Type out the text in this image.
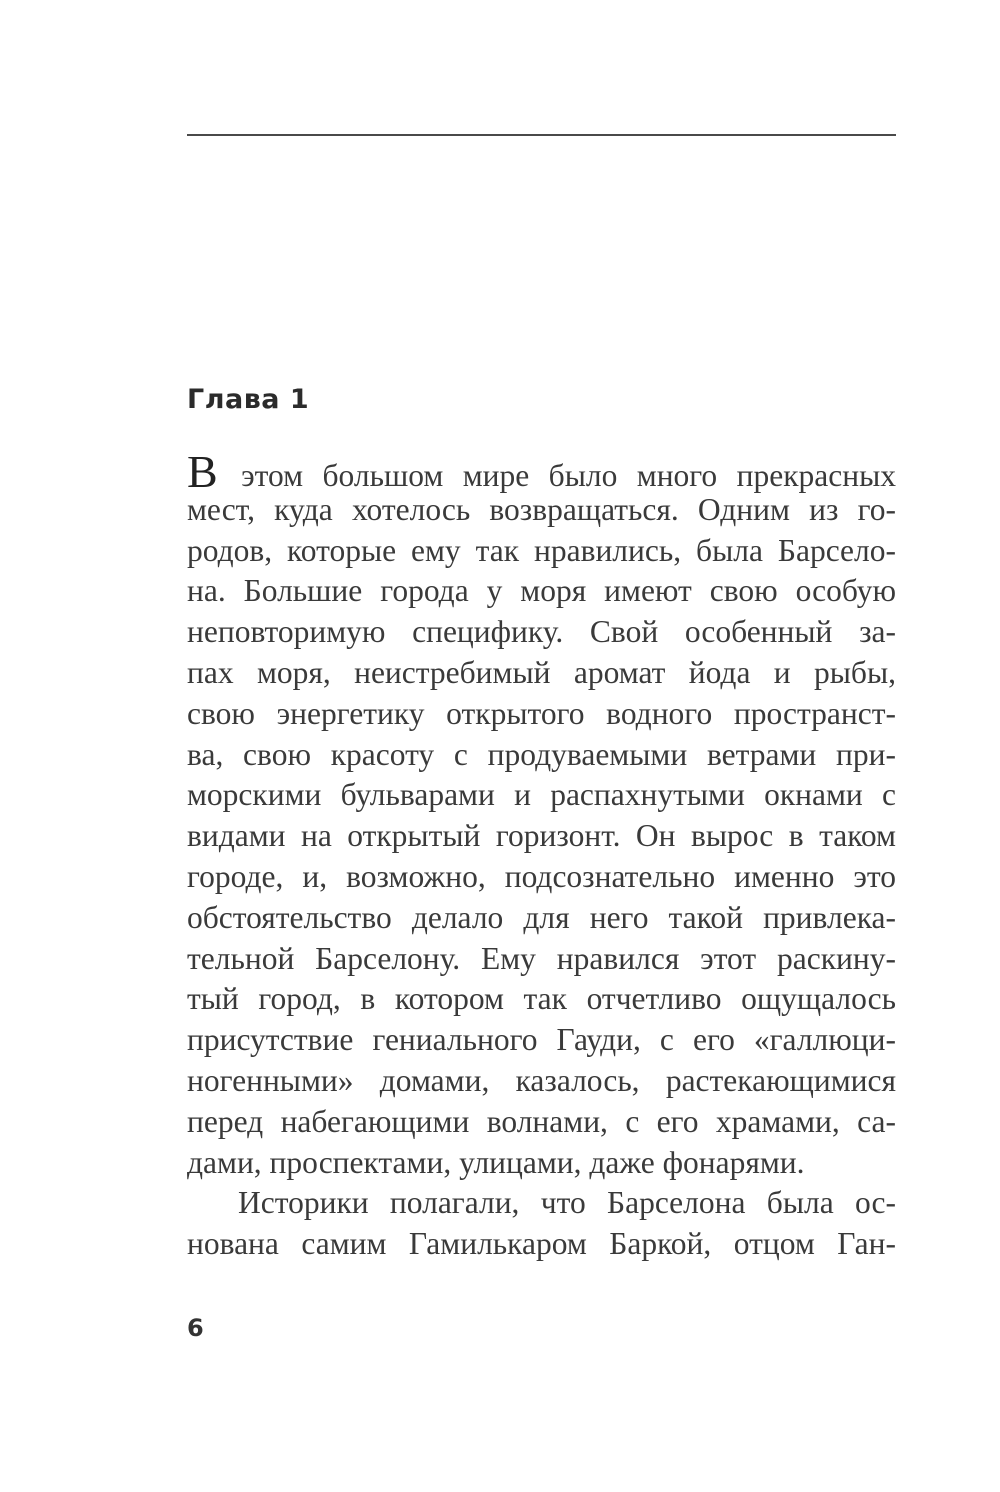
Глава 1
В этом большом мире было много прекрасных
мест, куда хотелось возвращаться. Одним из го-
родов, которые ему так нравились, была Барсело-
на. Большие города у моря имеют свою особую
неповторимую специфику. Свой особенный за-
пах моря, неистребимый аромат йода и рыбы,
свою энергетику открытого водного пространст-
ва, свою красоту с продуваемыми ветрами при-
морскими бульварами и распахнутыми окнами с
видами на открытый горизонт. Он вырос в таком
городе, и, возможно, подсознательно именно это
обстоятельство делало для него такой привлека-
тельной Барселону. Ему нравился этот раскину-
тый город, в котором так отчетливо ощущалось
присутствие гениального Гауди, с его «галлюци-
ногенными» домами, казалось, растекающимися
перед набегающими волнами, с его храмами, са-
дами, проспектами, улицами, даже фонарями.
Историки полагали, что Барселона была ос-
нована самим Гамилькаром Баркой, отцом Ган-
6
